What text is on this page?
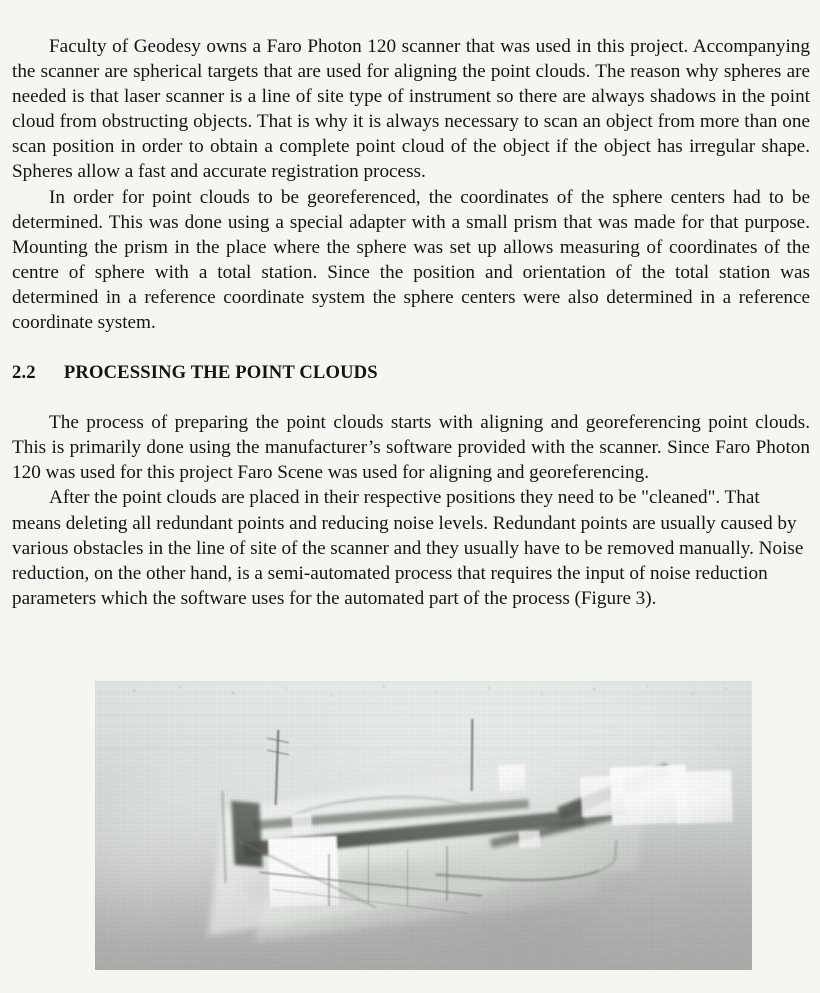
Faculty of Geodesy owns a Faro Photon 120 scanner that was used in this project. Accompanying the scanner are spherical targets that are used for aligning the point clouds. The reason why spheres are needed is that laser scanner is a line of site type of instrument so there are always shadows in the point cloud from obstructing objects. That is why it is always necessary to scan an object from more than one scan position in order to obtain a complete point cloud of the object if the object has irregular shape. Spheres allow a fast and accurate registration process.

In order for point clouds to be georeferenced, the coordinates of the sphere centers had to be determined. This was done using a special adapter with a small prism that was made for that purpose. Mounting the prism in the place where the sphere was set up allows measuring of coordinates of the centre of sphere with a total station. Since the position and orientation of the total station was determined in a reference coordinate system the sphere centers were also determined in a reference coordinate system.

2.2  PROCESSING THE POINT CLOUDS

The process of preparing the point clouds starts with aligning and georeferencing point clouds. This is primarily done using the manufacturer’s software provided with the scanner. Since Faro Photon 120 was used for this project Faro Scene was used for aligning and georeferencing.

After the point clouds are placed in their respective positions they need to be "cleaned". That means deleting all redundant points and reducing noise levels. Redundant points are usually caused by various obstacles in the line of site of the scanner and they usually have to be removed manually. Noise reduction, on the other hand, is a semi-automated process that requires the input of noise reduction parameters which the software uses for the automated part of the process (Figure 3).
